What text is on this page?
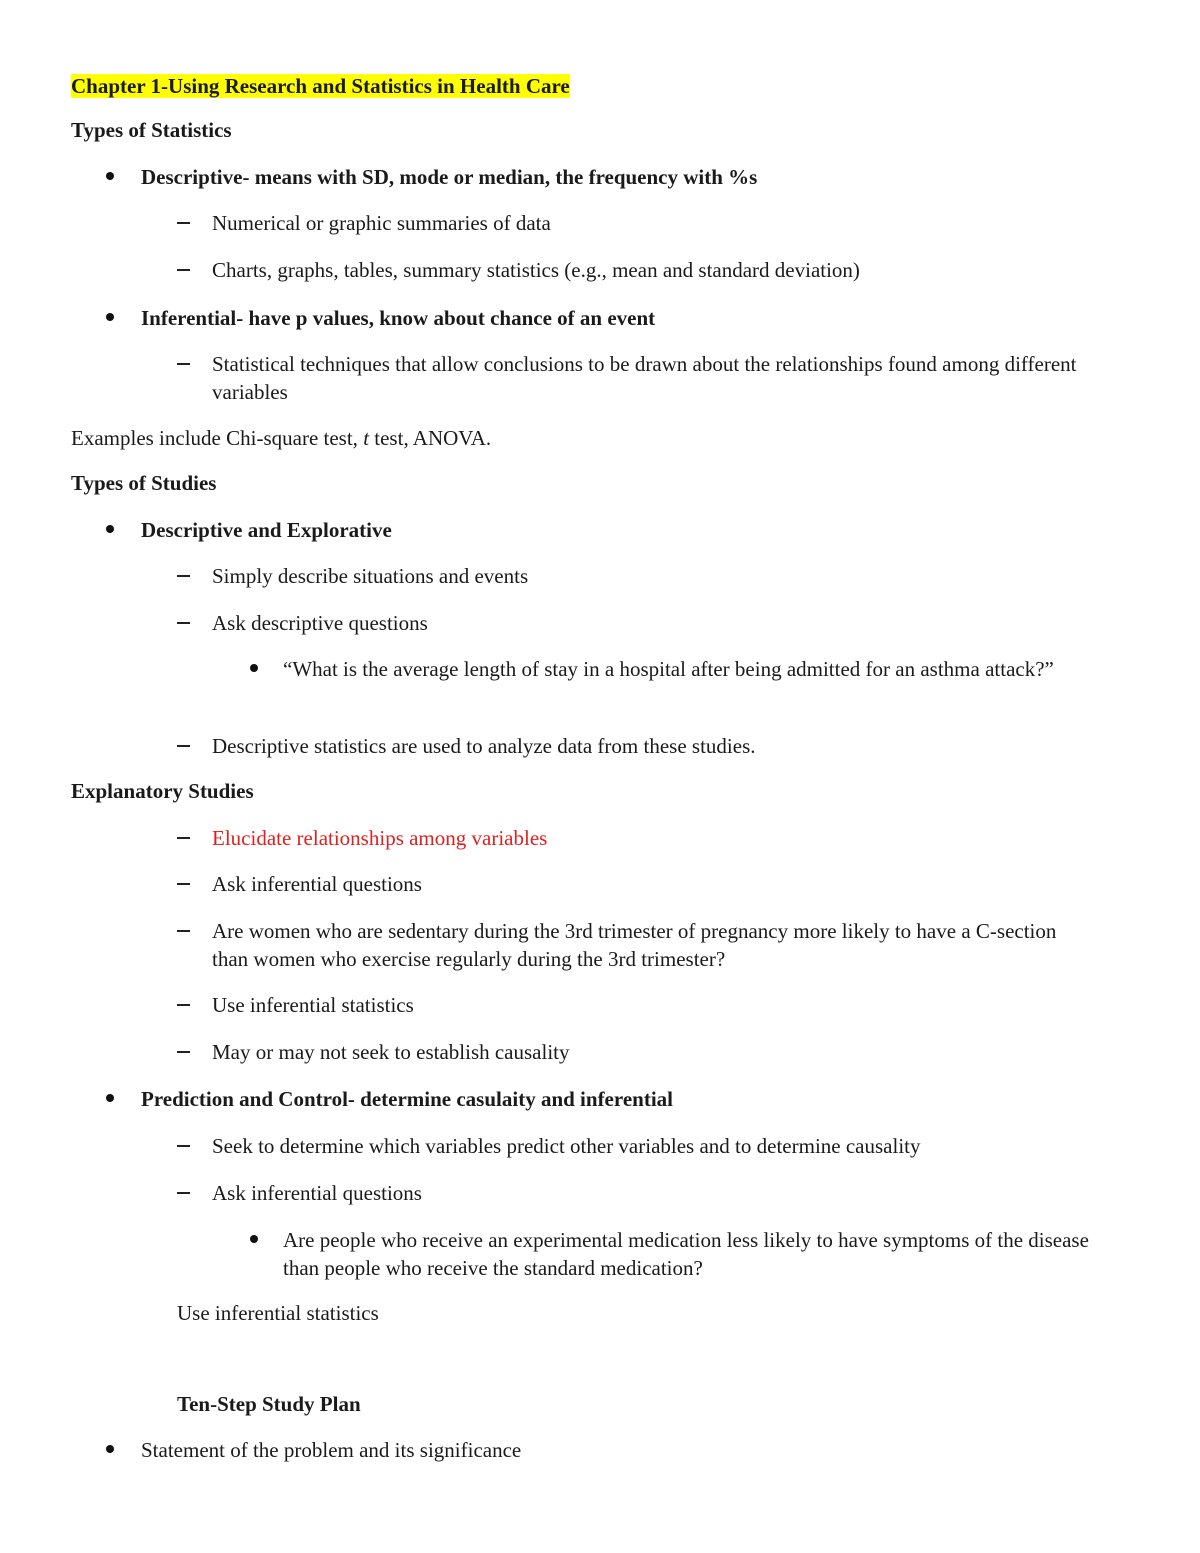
Chapter 1-Using Research and Statistics in Health Care
Types of Statistics
Descriptive- means with SD, mode or median, the frequency with %s
Numerical or graphic summaries of data
Charts, graphs, tables, summary statistics (e.g., mean and standard deviation)
Inferential- have p values, know about chance of an event
Statistical techniques that allow conclusions to be drawn about the relationships found among different variables
Examples include Chi-square test, t test, ANOVA.
Types of Studies
Descriptive and Explorative
Simply describe situations and events
Ask descriptive questions
“What is the average length of stay in a hospital after being admitted for an asthma attack?”
Descriptive statistics are used to analyze data from these studies.
Explanatory Studies
Elucidate relationships among variables
Ask inferential questions
Are women who are sedentary during the 3rd trimester of pregnancy more likely to have a C-section than women who exercise regularly during the 3rd trimester?
Use inferential statistics
May or may not seek to establish causality
Prediction and Control- determine casulaity and inferential
Seek to determine which variables predict other variables and to determine causality
Ask inferential questions
Are people who receive an experimental medication less likely to have symptoms of the disease than people who receive the standard medication?
Use inferential statistics
Ten-Step Study Plan
Statement of the problem and its significance
